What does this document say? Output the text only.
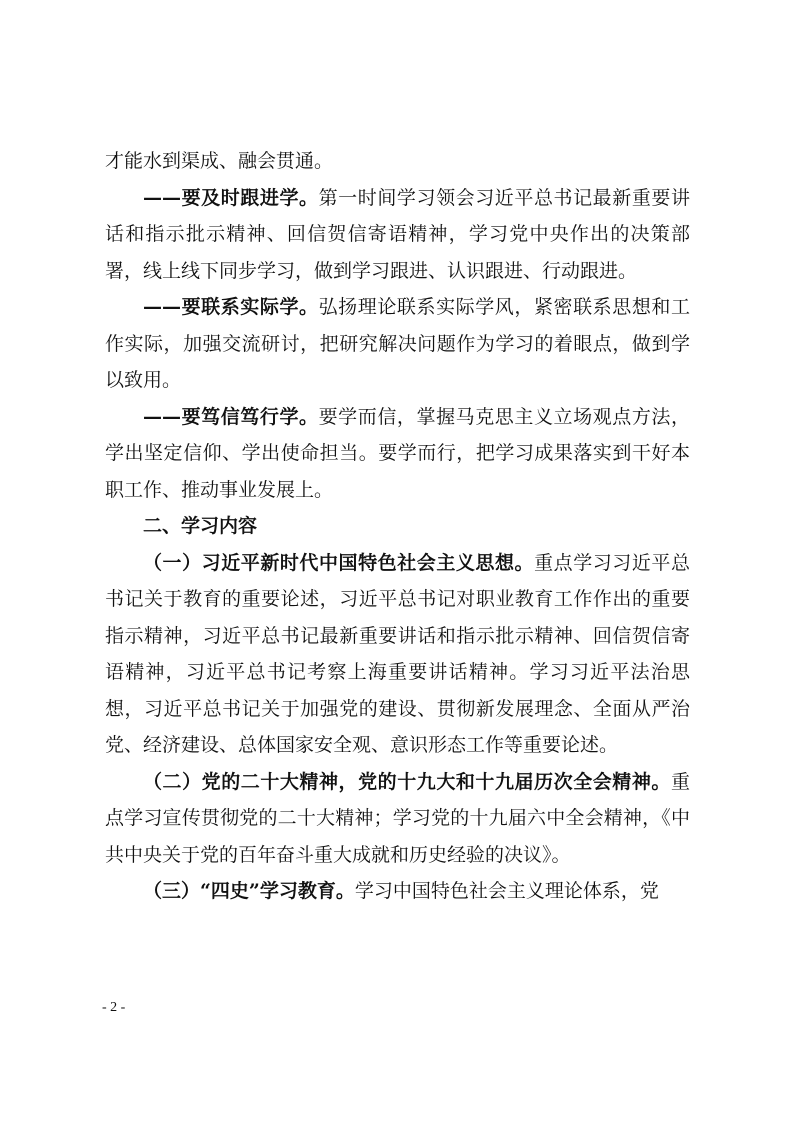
才能水到渠成、融会贯通。

——要及时跟进学。第一时间学习领会习近平总书记最新重要讲话和指示批示精神、回信贺信寄语精神，学习党中央作出的决策部署，线上线下同步学习，做到学习跟进、认识跟进、行动跟进。

——要联系实际学。弘扬理论联系实际学风，紧密联系思想和工作实际，加强交流研讨，把研究解决问题作为学习的着眼点，做到学以致用。

——要笃信笃行学。要学而信，掌握马克思主义立场观点方法，学出坚定信仰、学出使命担当。要学而行，把学习成果落实到干好本职工作、推动事业发展上。

二、学习内容

（一）习近平新时代中国特色社会主义思想。重点学习习近平总书记关于教育的重要论述，习近平总书记对职业教育工作作出的重要指示精神，习近平总书记最新重要讲话和指示批示精神、回信贺信寄语精神，习近平总书记考察上海重要讲话精神。学习习近平法治思想，习近平总书记关于加强党的建设、贯彻新发展理念、全面从严治党、经济建设、总体国家安全观、意识形态工作等重要论述。

（二）党的二十大精神，党的十九大和十九届历次全会精神。重点学习宣传贯彻党的二十大精神；学习党的十九届六中全会精神，《中共中央关于党的百年奋斗重大成就和历史经验的决议》。

（三）“四史”学习教育。学习中国特色社会主义理论体系，党

- 2 -
